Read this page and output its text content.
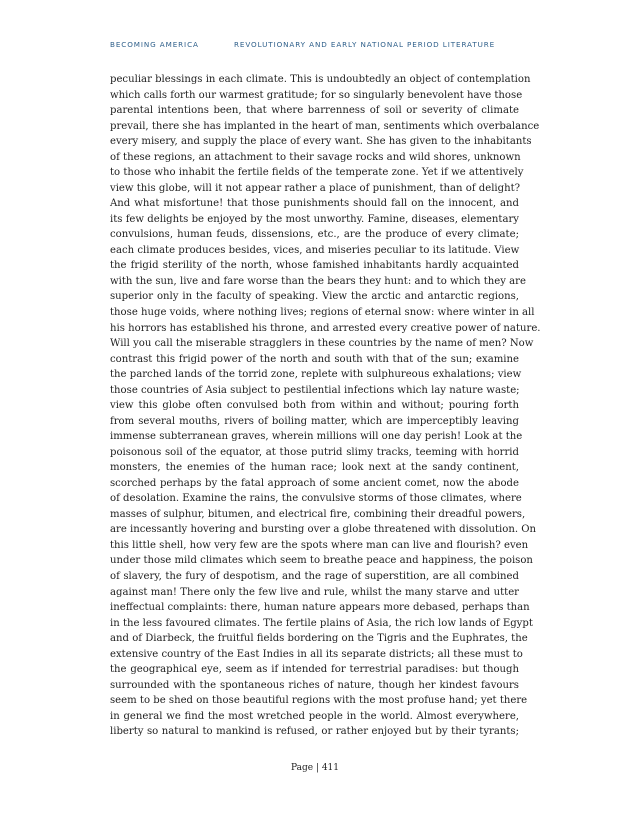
BECOMING AMERICA	REVOLUTIONARY AND EARLY NATIONAL PERIOD LITERATURE
peculiar blessings in each climate. This is undoubtedly an object of contemplation
which calls forth our warmest gratitude; for so singularly benevolent have those
parental intentions been, that where barrenness of soil or severity of climate
prevail, there she has implanted in the heart of man, sentiments which overbalance
every misery, and supply the place of every want. She has given to the inhabitants
of these regions, an attachment to their savage rocks and wild shores, unknown
to those who inhabit the fertile fields of the temperate zone. Yet if we attentively
view this globe, will it not appear rather a place of punishment, than of delight?
And what misfortune! that those punishments should fall on the innocent, and
its few delights be enjoyed by the most unworthy. Famine, diseases, elementary
convulsions, human feuds, dissensions, etc., are the produce of every climate;
each climate produces besides, vices, and miseries peculiar to its latitude. View
the frigid sterility of the north, whose famished inhabitants hardly acquainted
with the sun, live and fare worse than the bears they hunt: and to which they are
superior only in the faculty of speaking. View the arctic and antarctic regions,
those huge voids, where nothing lives; regions of eternal snow: where winter in all
his horrors has established his throne, and arrested every creative power of nature.
Will you call the miserable stragglers in these countries by the name of men? Now
contrast this frigid power of the north and south with that of the sun; examine
the parched lands of the torrid zone, replete with sulphureous exhalations; view
those countries of Asia subject to pestilential infections which lay nature waste;
view this globe often convulsed both from within and without; pouring forth
from several mouths, rivers of boiling matter, which are imperceptibly leaving
immense subterranean graves, wherein millions will one day perish! Look at the
poisonous soil of the equator, at those putrid slimy tracks, teeming with horrid
monsters, the enemies of the human race; look next at the sandy continent,
scorched perhaps by the fatal approach of some ancient comet, now the abode
of desolation. Examine the rains, the convulsive storms of those climates, where
masses of sulphur, bitumen, and electrical fire, combining their dreadful powers,
are incessantly hovering and bursting over a globe threatened with dissolution. On
this little shell, how very few are the spots where man can live and flourish? even
under those mild climates which seem to breathe peace and happiness, the poison
of slavery, the fury of despotism, and the rage of superstition, are all combined
against man! There only the few live and rule, whilst the many starve and utter
ineffectual complaints: there, human nature appears more debased, perhaps than
in the less favoured climates. The fertile plains of Asia, the rich low lands of Egypt
and of Diarbeck, the fruitful fields bordering on the Tigris and the Euphrates, the
extensive country of the East Indies in all its separate districts; all these must to
the geographical eye, seem as if intended for terrestrial paradises: but though
surrounded with the spontaneous riches of nature, though her kindest favours
seem to be shed on those beautiful regions with the most profuse hand; yet there
in general we find the most wretched people in the world. Almost everywhere,
liberty so natural to mankind is refused, or rather enjoyed but by their tyrants;
Page | 411
